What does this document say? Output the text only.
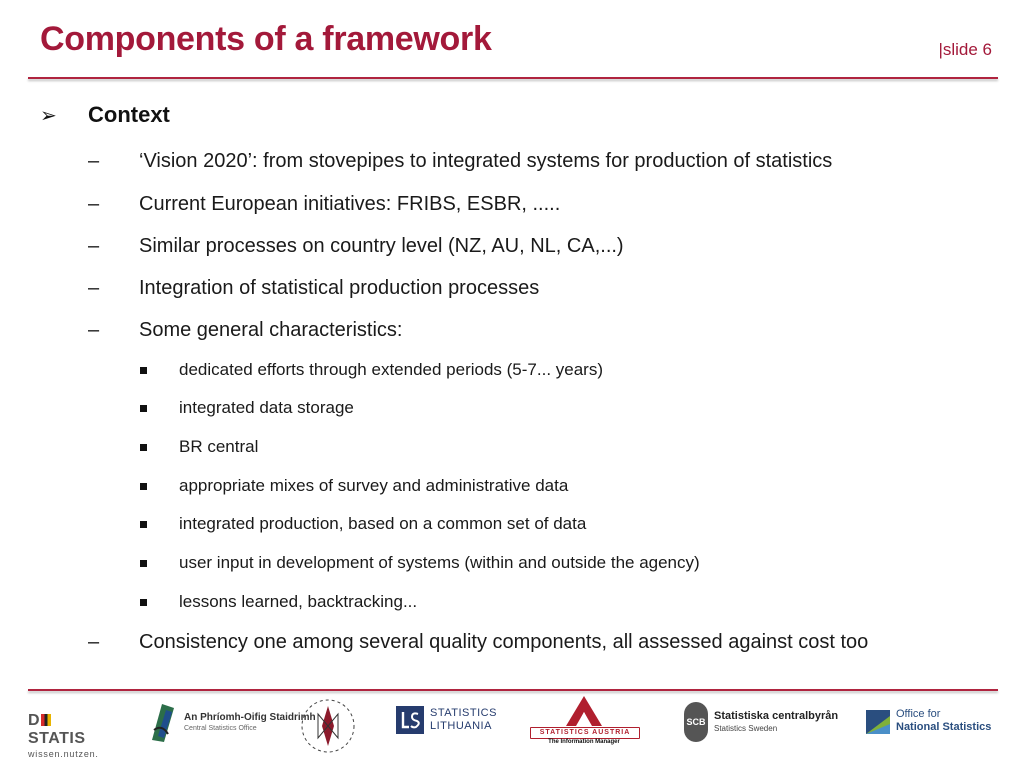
Components of a framework	|slide 6
➢	Context
–	‘Vision 2020’: from stovepipes to integrated systems for production of statistics
–	Current European initiatives: FRIBS, ESBR, .....
–	Similar processes on country level (NZ, AU, NL, CA,...)
–	Integration of statistical production processes
–	Some general characteristics:
dedicated efforts through extended periods (5-7... years)
integrated data storage
BR central
appropriate mixes of survey and administrative data
integrated production, based on a common set of data
user input in development of systems (within and outside the agency)
lessons learned, backtracking...
–	Consistency one among several quality components, all assessed against cost too
DSTATIS
wissen.nutzen.
An Phríomh-Oifig Staidrimh
Central Statistics Office
STATISTICS
LITHUANIA
STATISTICS AUSTRIA
The Information Manager
SCB Statistiska centralbyrån
Statistics Sweden
Office for
National Statistics
